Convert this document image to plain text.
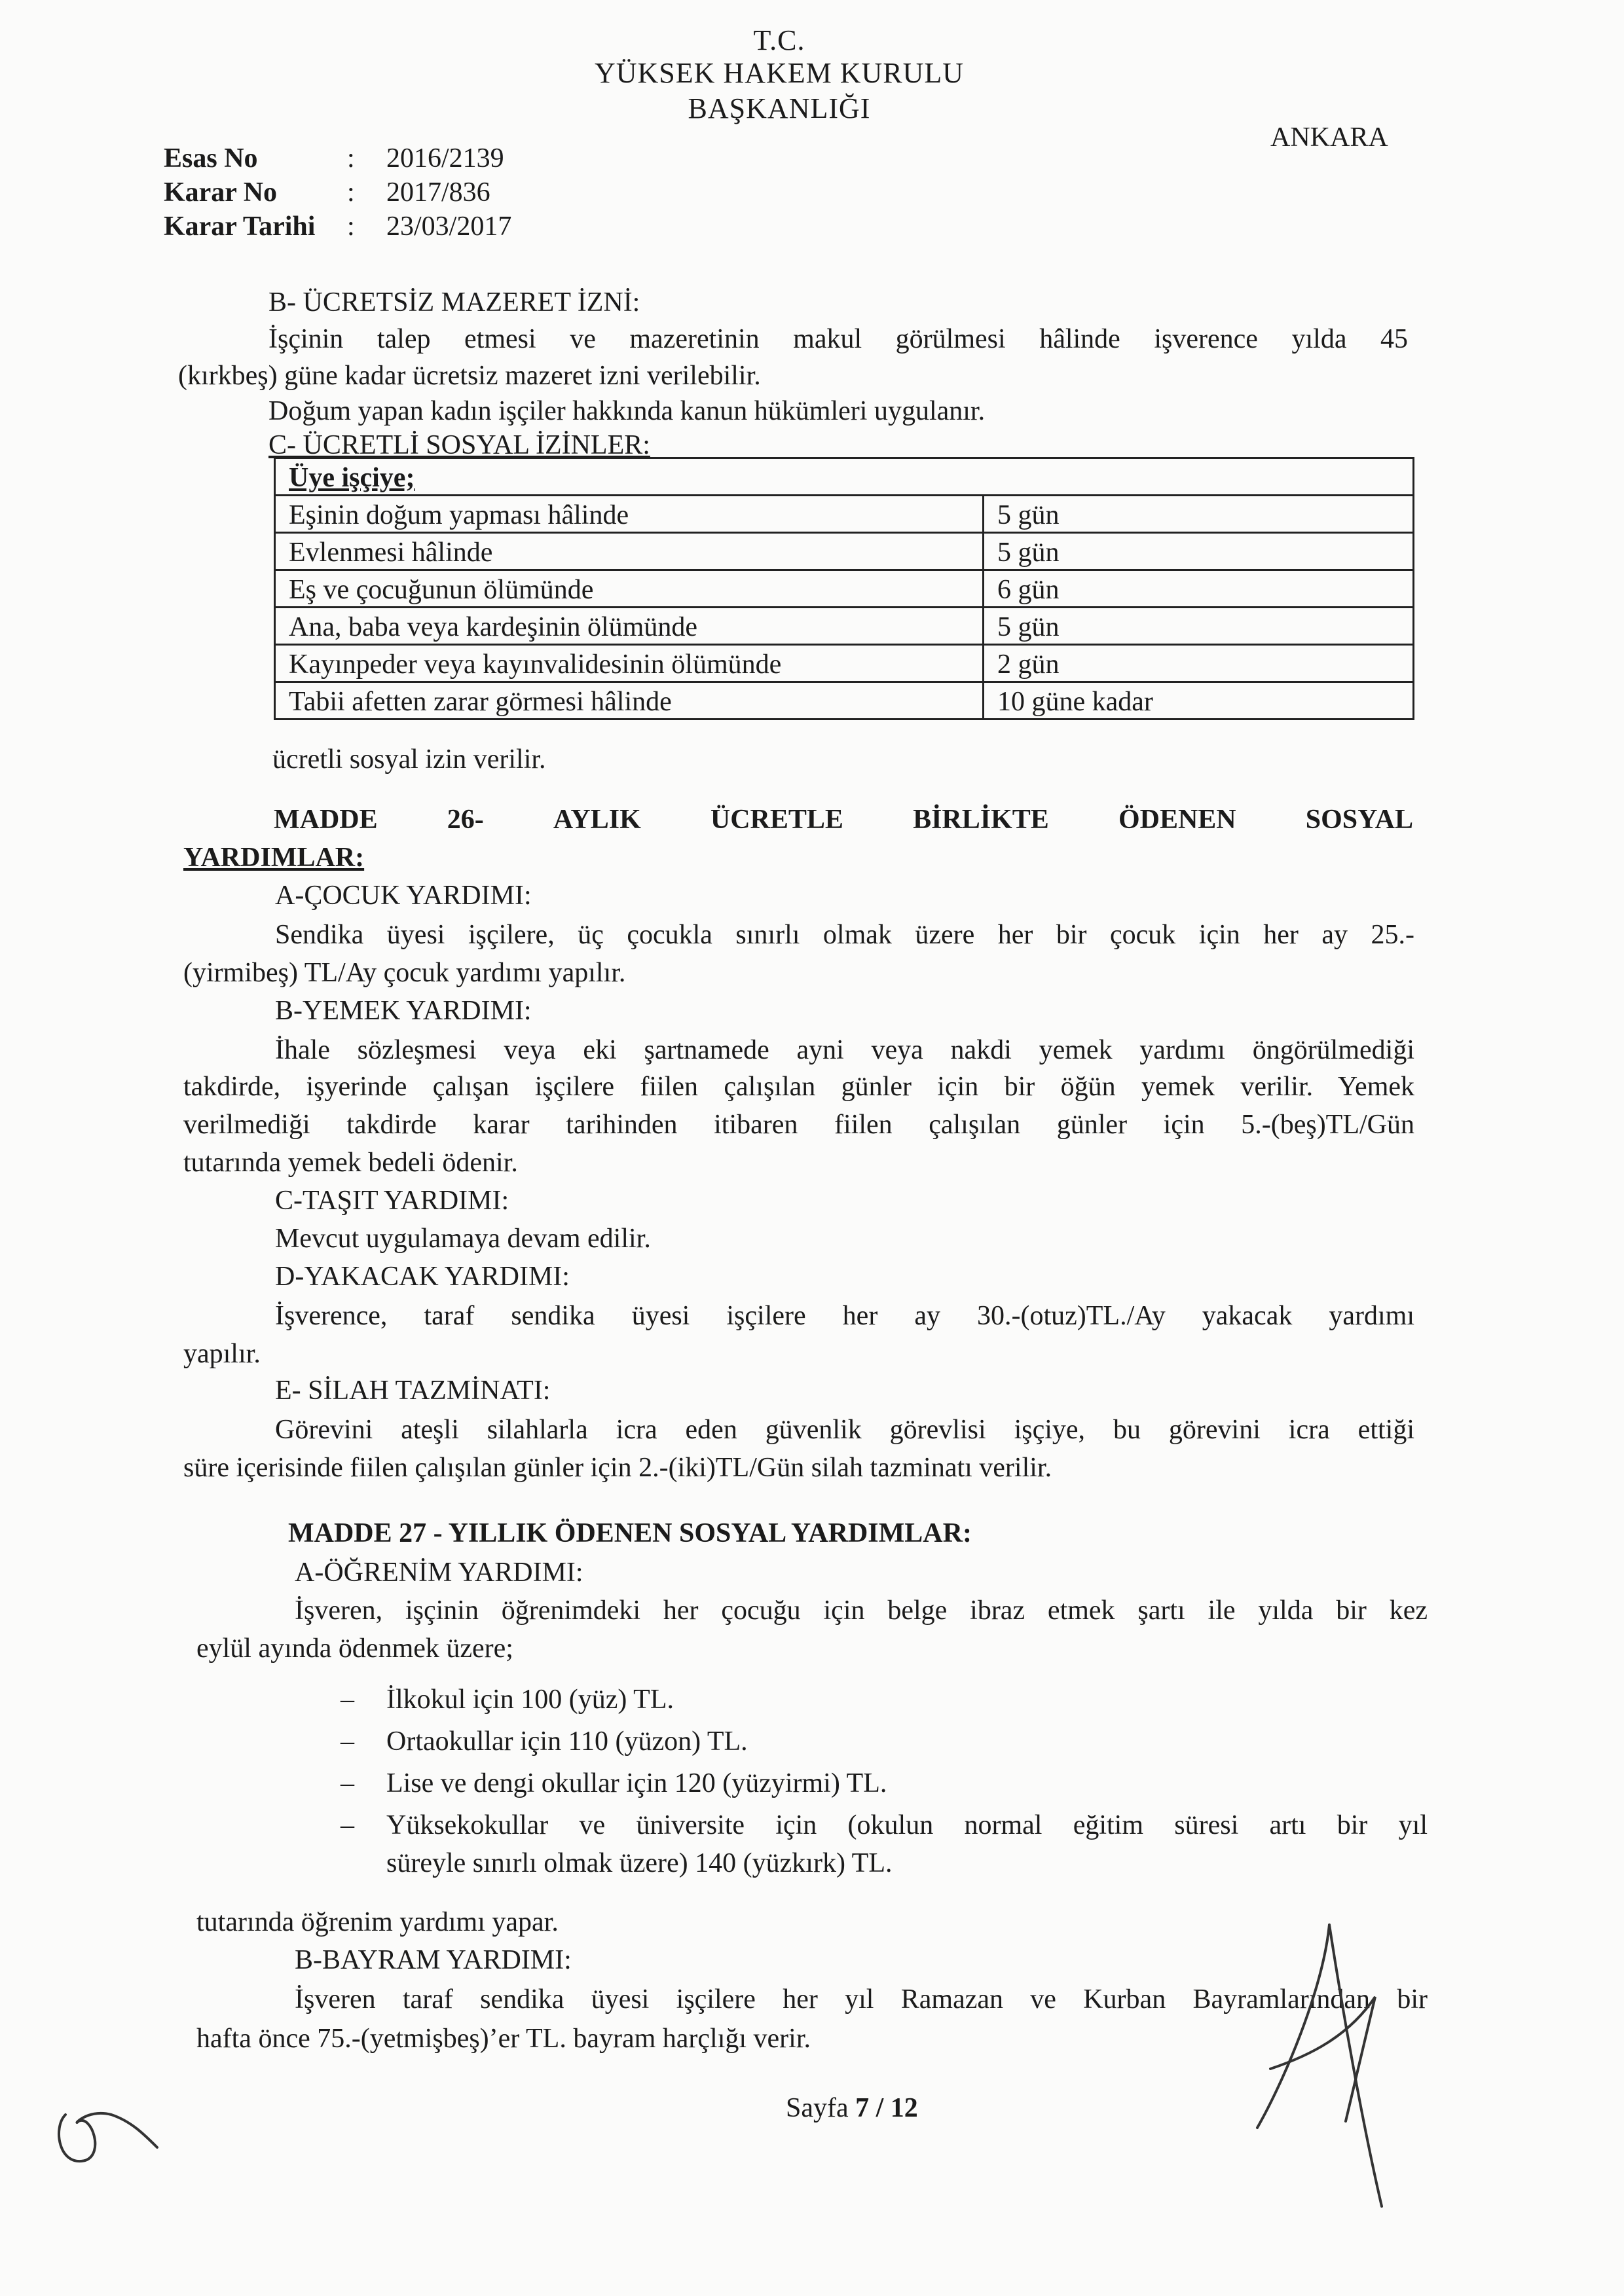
T.C.
YÜKSEK HAKEM KURULU
BAŞKANLIĞI
ANKARA
Esas No	: 2016/2139
Karar No	: 2017/836
Karar Tarihi : 23/03/2017
B- ÜCRETSİZ MAZERET İZNİ:
İşçinin talep etmesi ve mazeretinin makul görülmesi hâlinde işverence yılda 45
(kırkbeş) güne kadar ücretsiz mazeret izni verilebilir.
Doğum yapan kadın işçiler hakkında kanun hükümleri uygulanır.
C- ÜCRETLİ SOSYAL İZİNLER:
Üye işçiye;	
Eşinin doğum yapması hâlinde	5 gün
Evlenmesi hâlinde	5 gün
Eş ve çocuğunun ölümünde	6 gün
Ana, baba veya kardeşinin ölümünde	5 gün
Kayınpeder veya kayınvalidesinin ölümünde	2 gün
Tabii afetten zarar görmesi hâlinde	10 güne kadar
ücretli sosyal izin verilir.
MADDE	26-	AYLIK	ÜCRETLE	BİRLİKTE	ÖDENEN	SOSYAL
YARDIMLAR:
A-ÇOCUK YARDIMI:
Sendika üyesi işçilere, üç çocukla sınırlı olmak üzere her bir çocuk için her ay 25.-
(yirmibeş) TL/Ay çocuk yardımı yapılır.
B-YEMEK YARDIMI:
İhale sözleşmesi veya eki şartnamede ayni veya nakdi yemek yardımı öngörülmediği
takdirde, işyerinde çalışan işçilere fiilen çalışılan günler için bir öğün yemek verilir. Yemek
verilmediği takdirde karar tarihinden itibaren fiilen çalışılan günler için 5.-(beş)TL/Gün
tutarında yemek bedeli ödenir.
C-TAŞIT YARDIMI:
Mevcut uygulamaya devam edilir.
D-YAKACAK YARDIMI:
İşverence, taraf sendika üyesi işçilere her ay 30.-(otuz)TL./Ay yakacak yardımı
yapılır.
E- SİLAH TAZMİNATI:
Görevini ateşli silahlarla icra eden güvenlik görevlisi işçiye, bu görevini icra ettiği
süre içerisinde fiilen çalışılan günler için 2.-(iki)TL/Gün silah tazminatı verilir.
MADDE 27 - YILLIK ÖDENEN SOSYAL YARDIMLAR:
A-ÖĞRENİM YARDIMI:
İşveren, işçinin öğrenimdeki her çocuğu için belge ibraz etmek şartı ile yılda bir kez
eylül ayında ödenmek üzere;
– İlkokul için 100 (yüz) TL.
– Ortaokullar için 110 (yüzon) TL.
– Lise ve dengi okullar için 120 (yüzyirmi) TL.
–	Yüksekokullar ve üniversite için (okulun normal eğitim süresi artı bir yıl
süreyle sınırlı olmak üzere) 140 (yüzkırk) TL.
tutarında öğrenim yardımı yapar.
B-BAYRAM YARDIMI:
İşveren taraf sendika üyesi işçilere her yıl Ramazan ve Kurban Bayramlarından bir
hafta önce 75.-(yetmişbeş)’er TL. bayram harçlığı verir.
Sayfa 7 / 12
